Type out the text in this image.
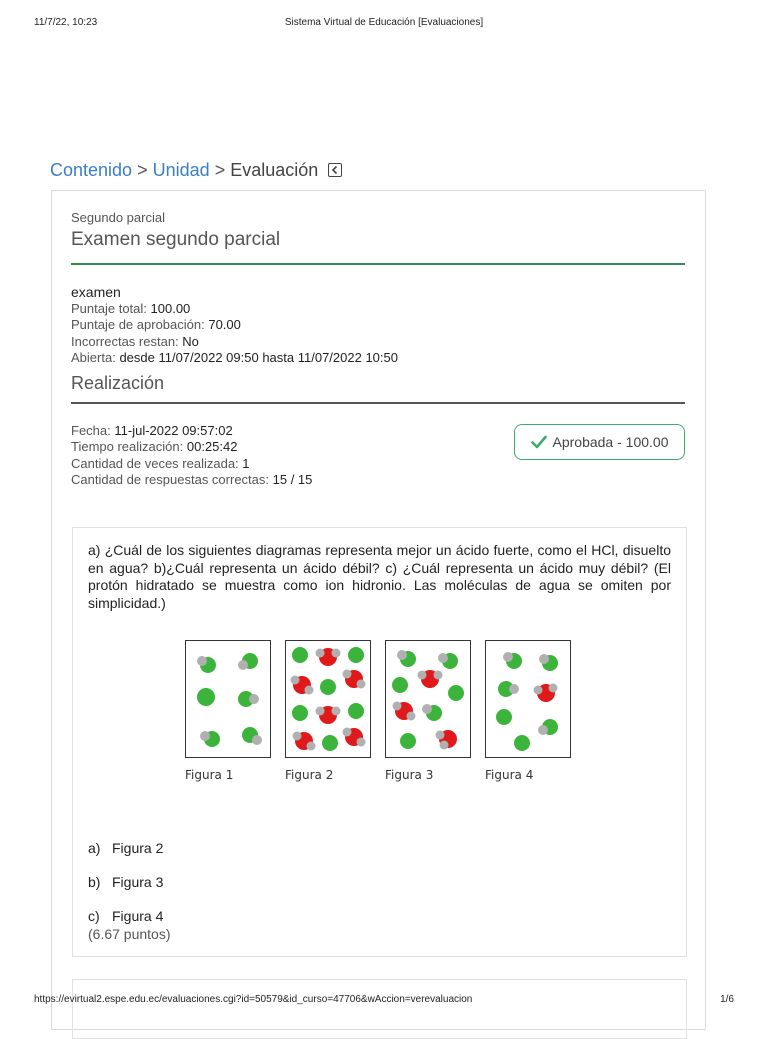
11/7/22, 10:23	Sistema Virtual de Educación [Evaluaciones]
Contenido > Unidad > Evaluación
Segundo parcial
Examen segundo parcial
examen
Puntaje total: 100.00
Puntaje de aprobación: 70.00
Incorrectas restan: No
Abierta: desde 11/07/2022 09:50 hasta 11/07/2022 10:50
Realización
Fecha: 11-jul-2022 09:57:02
Tiempo realización: 00:25:42
Cantidad de veces realizada: 1
Cantidad de respuestas correctas: 15 / 15
Aprobada - 100.00
a) ¿Cuál de los siguientes diagramas representa mejor un ácido fuerte, como el HCl, disuelto en agua? b)¿Cuál representa un ácido débil? c) ¿Cuál representa un ácido muy débil? (El protón hidratado se muestra como ion hidronio. Las moléculas de agua se omiten por simplicidad.)
Figura 1	Figura 2	Figura 3	Figura 4
a) Figura 2
b) Figura 3
c) Figura 4
(6.67 puntos)
https://evirtual2.espe.edu.ec/evaluaciones.cgi?id=50579&id_curso=47706&wAccion=verevaluacion	1/6
